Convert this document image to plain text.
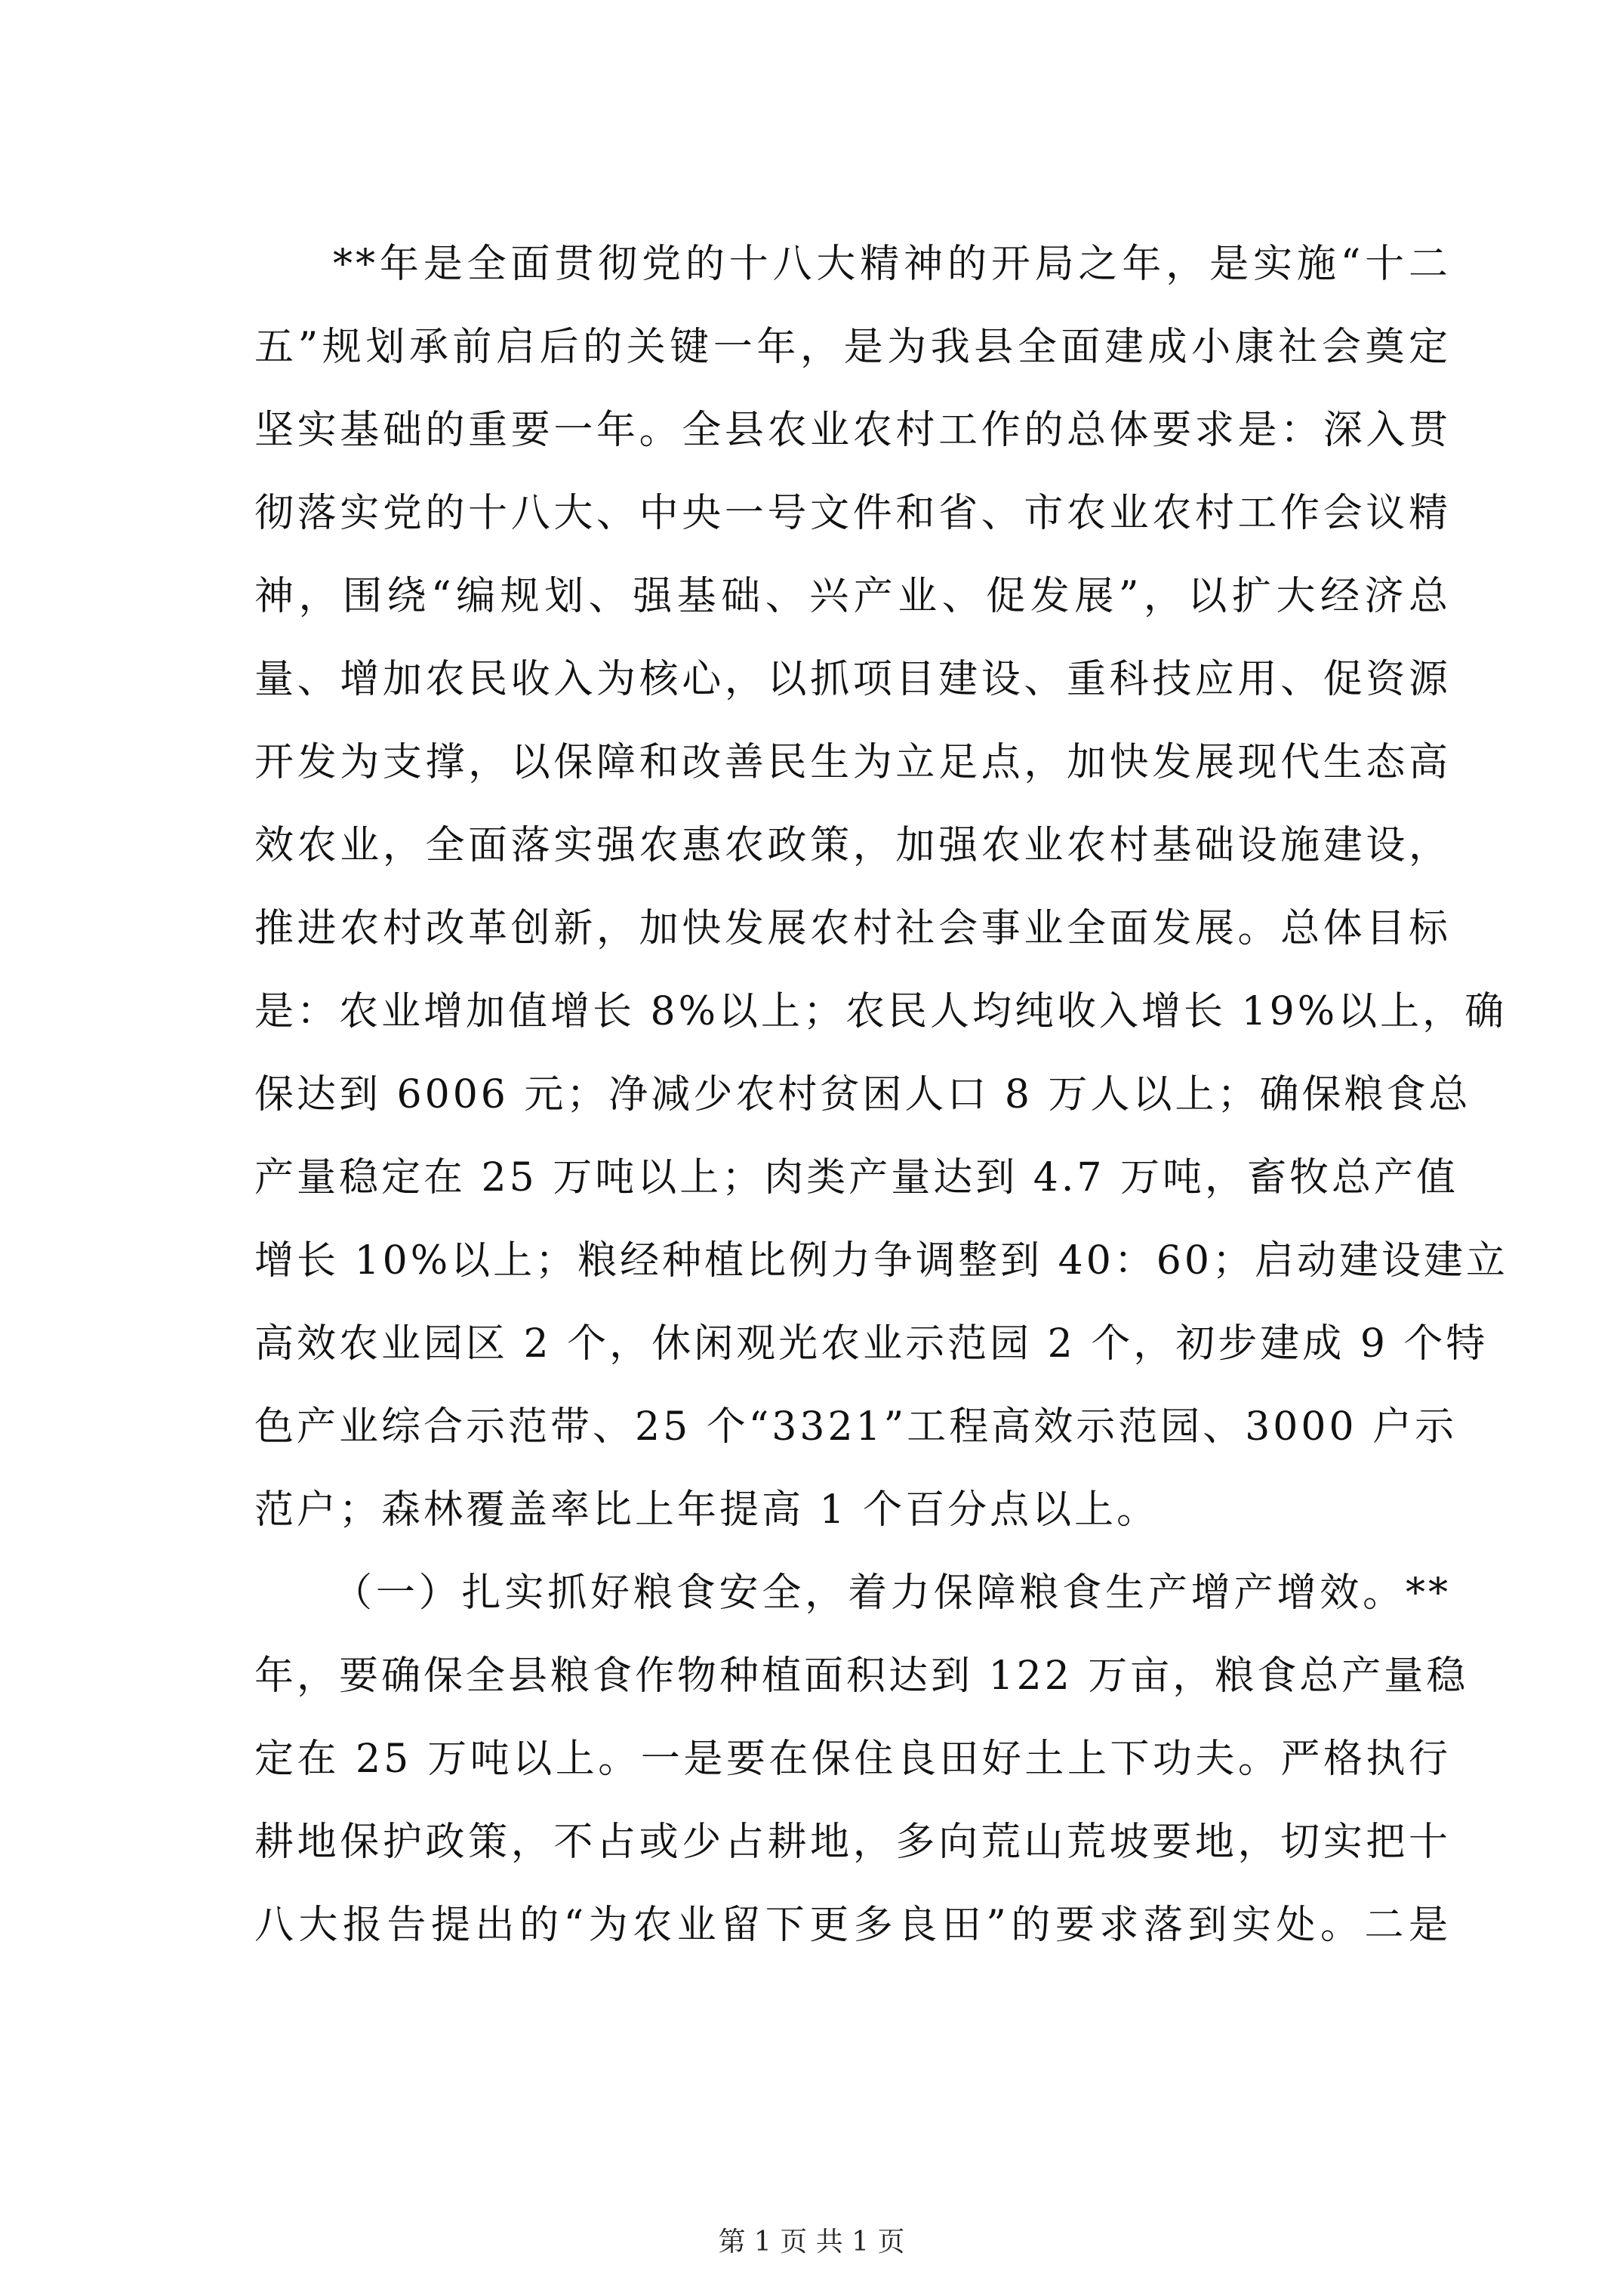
**年是全面贯彻党的十八大精神的开局之年，是实施“十二
五”规划承前启后的关键一年，是为我县全面建成小康社会奠定
坚实基础的重要一年。全县农业农村工作的总体要求是：深入贯
彻落实党的十八大、中央一号文件和省、市农业农村工作会议精
神，围绕“编规划、强基础、兴产业、促发展”，以扩大经济总
量、增加农民收入为核心，以抓项目建设、重科技应用、促资源
开发为支撑，以保障和改善民生为立足点，加快发展现代生态高
效农业，全面落实强农惠农政策，加强农业农村基础设施建设，
推进农村改革创新，加快发展农村社会事业全面发展。总体目标
是：农业增加值增长 8%以上；农民人均纯收入增长 19%以上，确
保达到 6006 元；净减少农村贫困人口 8 万人以上；确保粮食总
产量稳定在 25 万吨以上；肉类产量达到 4.7 万吨，畜牧总产值
增长 10%以上；粮经种植比例力争调整到 40：60；启动建设建立
高效农业园区 2 个，休闲观光农业示范园 2 个，初步建成 9 个特
色产业综合示范带、25 个“3321”工程高效示范园、3000 户示
范户；森林覆盖率比上年提高 1 个百分点以上。
（一）扎实抓好粮食安全，着力保障粮食生产增产增效。**
年，要确保全县粮食作物种植面积达到 122 万亩，粮食总产量稳
定在 25 万吨以上。一是要在保住良田好土上下功夫。严格执行
耕地保护政策，不占或少占耕地，多向荒山荒坡要地，切实把十
八大报告提出的“为农业留下更多良田”的要求落到实处。二是
第 1 页 共 1 页
